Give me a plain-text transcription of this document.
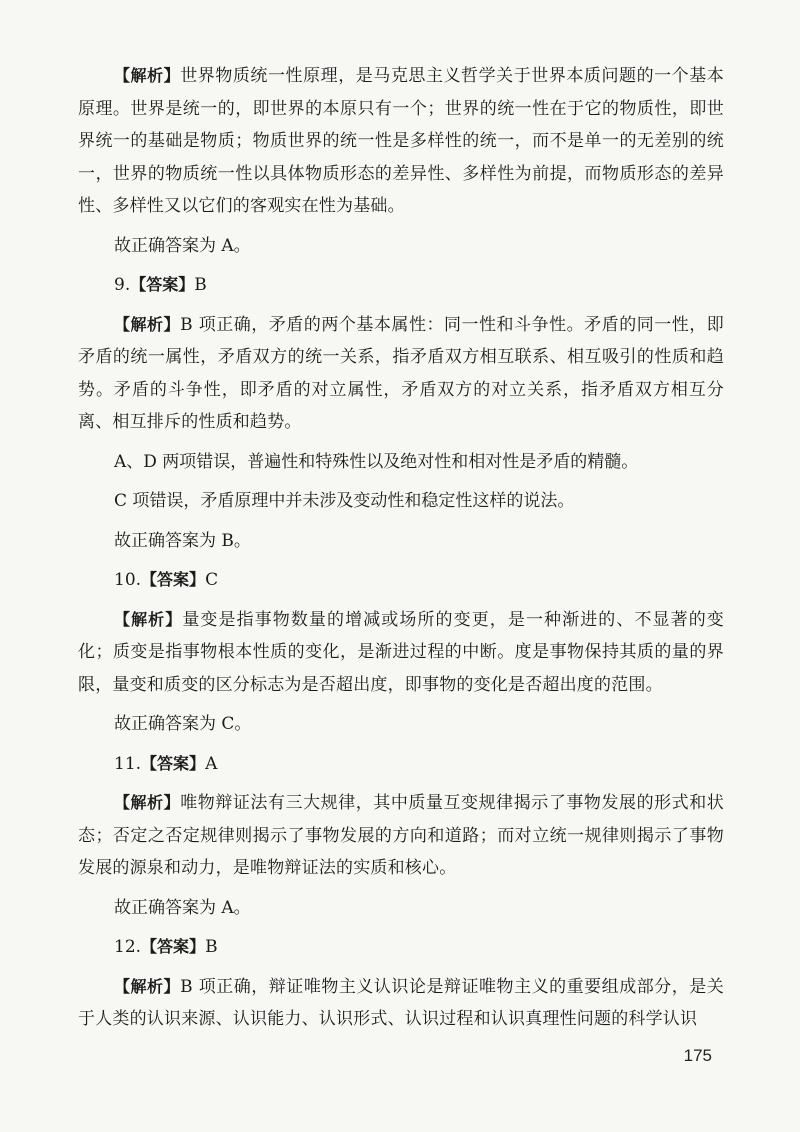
【解析】世界物质统一性原理，是马克思主义哲学关于世界本质问题的一个基本原理。世界是统一的，即世界的本原只有一个；世界的统一性在于它的物质性，即世界统一的基础是物质；物质世界的统一性是多样性的统一，而不是单一的无差别的统一，世界的物质统一性以具体物质形态的差异性、多样性为前提，而物质形态的差异性、多样性又以它们的客观实在性为基础。

故正确答案为 A。

9.【答案】B

【解析】B 项正确，矛盾的两个基本属性：同一性和斗争性。矛盾的同一性，即矛盾的统一属性，矛盾双方的统一关系，指矛盾双方相互联系、相互吸引的性质和趋势。矛盾的斗争性，即矛盾的对立属性，矛盾双方的对立关系，指矛盾双方相互分离、相互排斥的性质和趋势。

A、D 两项错误，普遍性和特殊性以及绝对性和相对性是矛盾的精髓。

C 项错误，矛盾原理中并未涉及变动性和稳定性这样的说法。

故正确答案为 B。

10.【答案】C

【解析】量变是指事物数量的增减或场所的变更，是一种渐进的、不显著的变化；质变是指事物根本性质的变化，是渐进过程的中断。度是事物保持其质的量的界限，量变和质变的区分标志为是否超出度，即事物的变化是否超出度的范围。

故正确答案为 C。

11.【答案】A

【解析】唯物辩证法有三大规律，其中质量互变规律揭示了事物发展的形式和状态；否定之否定规律则揭示了事物发展的方向和道路；而对立统一规律则揭示了事物发展的源泉和动力，是唯物辩证法的实质和核心。

故正确答案为 A。

12.【答案】B

【解析】B 项正确，辩证唯物主义认识论是辩证唯物主义的重要组成部分，是关于人类的认识来源、认识能力、认识形式、认识过程和认识真理性问题的科学认识

175
